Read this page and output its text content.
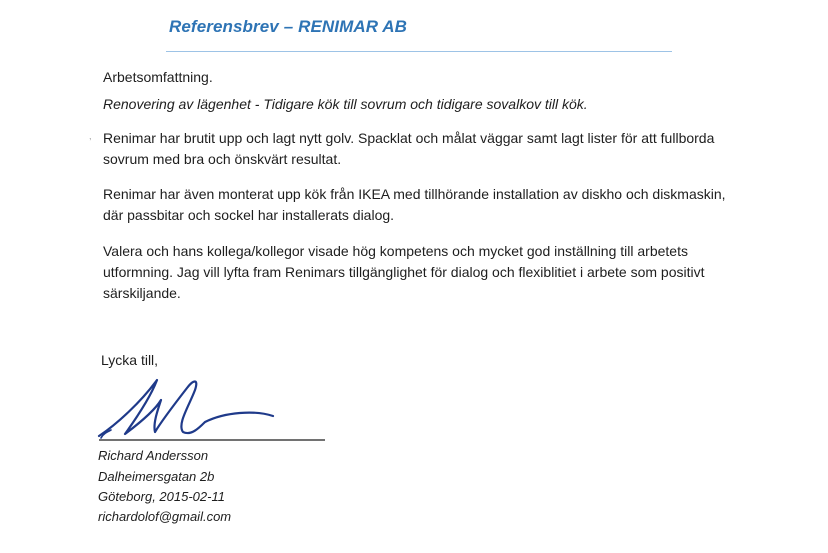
Referensbrev – RENIMAR AB
Arbetsomfattning.
Renovering av lägenhet - Tidigare kök till sovrum och tidigare sovalkov till kök.
, Renimar har brutit upp och lagt nytt golv. Spacklat och målat väggar samt lagt lister för att fullborda
sovrum med bra och önskvärt resultat.
Renimar har även monterat upp kök från IKEA med tillhörande installation av diskho och diskmaskin,
där passbitar och sockel har installerats dialog.
Valera och hans kollega/kollegor visade hög kompetens och mycket god inställning till arbetets
utformning. Jag vill lyfta fram Renimars tillgänglighet för dialog och flexiblitiet i arbete som positivt
särskiljande.
Lycka till,
Richard Andersson
Dalheimersgatan 2b
Göteborg, 2015-02-11
richardolof@gmail.com
